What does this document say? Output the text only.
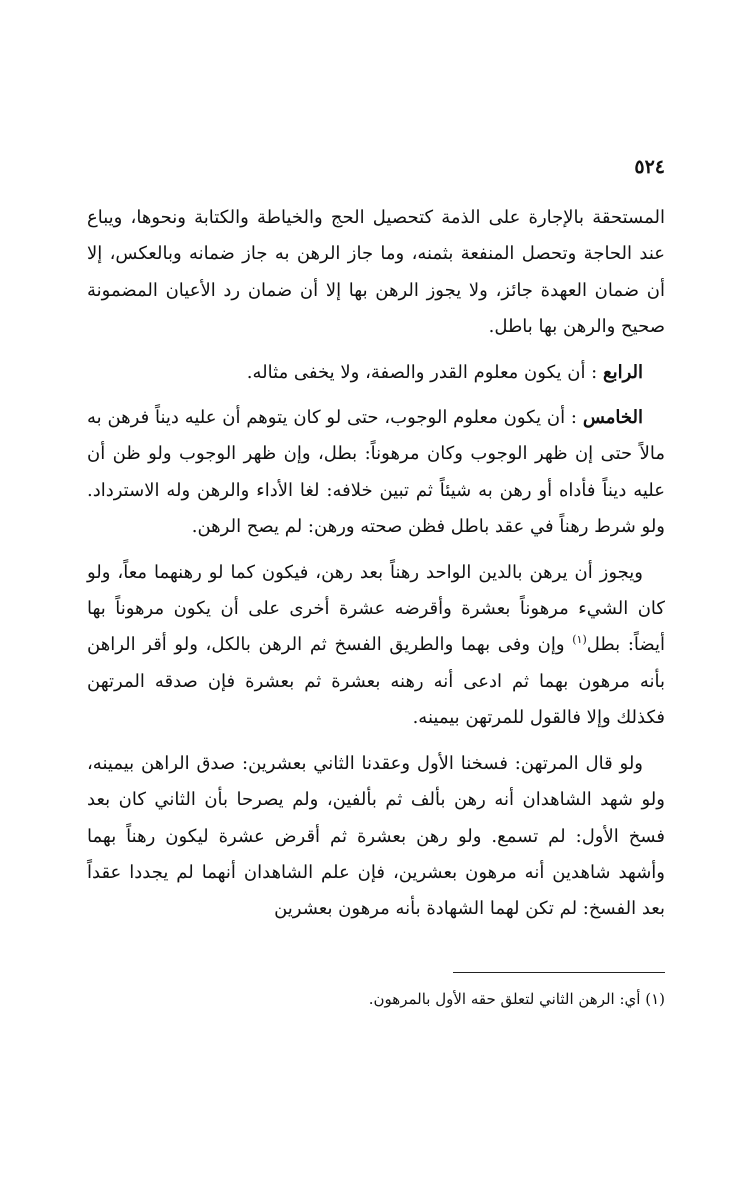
٥٢٤

المستحقة بالإجارة على الذمة كتحصيل الحج والخياطة والكتابة ونحوها، ويباع عند الحاجة وتحصل المنفعة بثمنه، وما جاز الرهن به جاز ضمانه وبالعكس، إلا أن ضمان العهدة جائز، ولا يجوز الرهن بها إلا أن ضمان رد الأعيان المضمونة صحيح والرهن بها باطل.

الرابع : أن يكون معلوم القدر والصفة، ولا يخفى مثاله.

الخامس : أن يكون معلوم الوجوب، حتى لو كان يتوهم أن عليه ديناً فرهن به مالاً حتى إن ظهر الوجوب وكان مرهوناً: بطل، وإن ظهر الوجوب ولو ظن أن عليه ديناً فأداه أو رهن به شيئاً ثم تبين خلافه: لغا الأداء والرهن وله الاسترداد. ولو شرط رهناً في عقد باطل فظن صحته ورهن: لم يصح الرهن.

ويجوز أن يرهن بالدين الواحد رهناً بعد رهن، فيكون كما لو رهنهما معاً، ولو كان الشيء مرهوناً بعشرة وأقرضه عشرة أخرى على أن يكون مرهوناً بها أيضاً: بطل$^{(١)}$ وإن وفى بهما والطريق الفسخ ثم الرهن بالكل، ولو أقر الراهن بأنه مرهون بهما ثم ادعى أنه رهنه بعشرة ثم بعشرة فإن صدقه المرتهن فكذلك وإلا فالقول للمرتهن بيمينه.

ولو قال المرتهن: فسخنا الأول وعقدنا الثاني بعشرين: صدق الراهن بيمينه، ولو شهد الشاهدان أنه رهن بألف ثم بألفين، ولم يصرحا بأن الثاني كان بعد فسخ الأول: لم تسمع. ولو رهن بعشرة ثم أقرض عشرة ليكون رهناً بهما وأشهد شاهدين أنه مرهون بعشرين، فإن علم الشاهدان أنهما لم يجددا عقداً بعد الفسخ: لم تكن لهما الشهادة بأنه مرهون بعشرين

(١) أي: الرهن الثاني لتعلق حقه الأول بالمرهون.
